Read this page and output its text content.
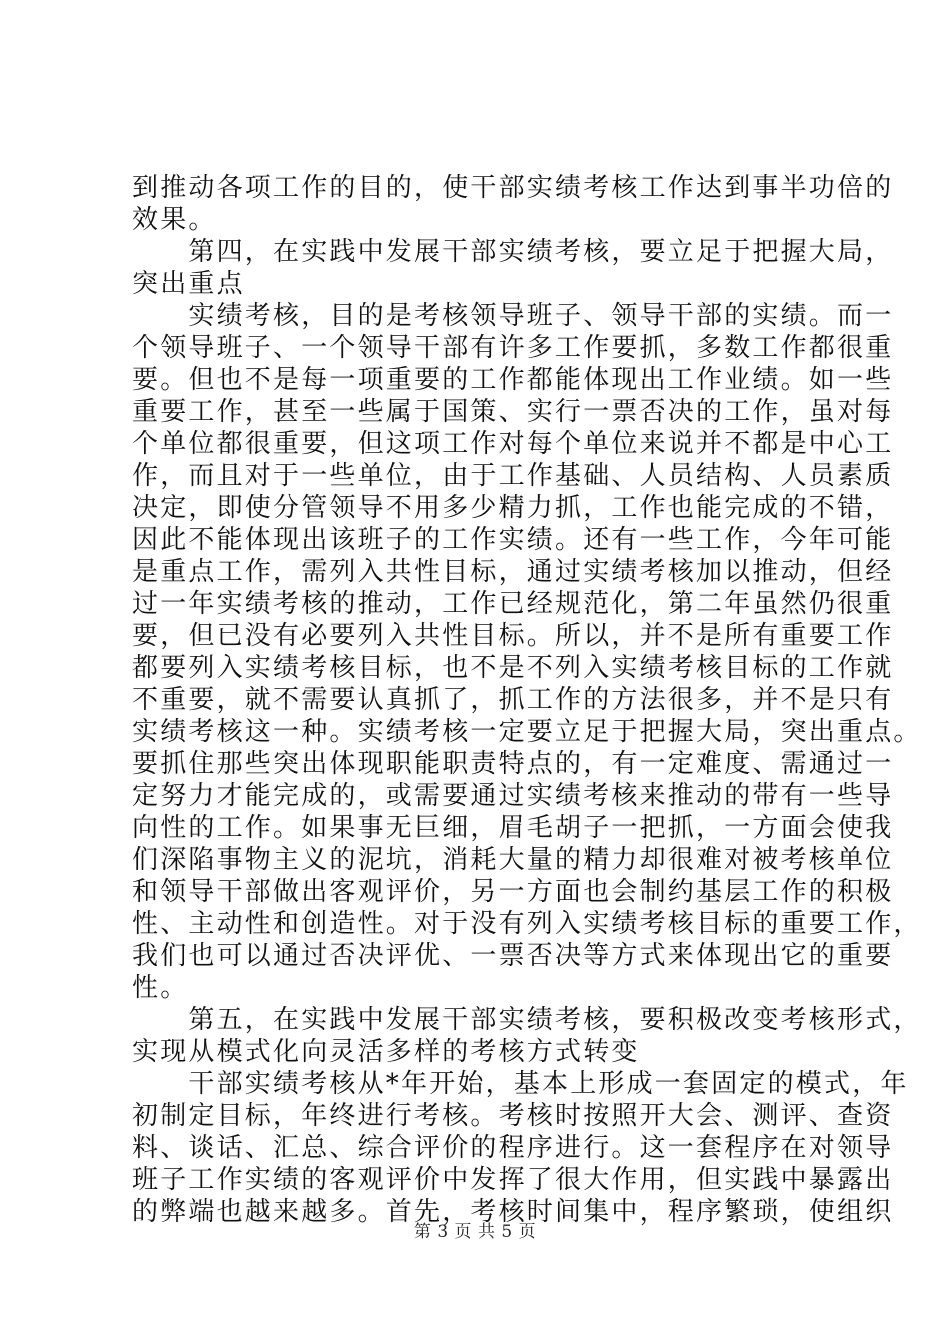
到推动各项工作的目的，使干部实绩考核工作达到事半功倍的
效果。
　　第四，在实践中发展干部实绩考核，要立足于把握大局，
突出重点
　　实绩考核，目的是考核领导班子、领导干部的实绩。而一
个领导班子、一个领导干部有许多工作要抓，多数工作都很重
要。但也不是每一项重要的工作都能体现出工作业绩。如一些
重要工作，甚至一些属于国策、实行一票否决的工作，虽对每
个单位都很重要，但这项工作对每个单位来说并不都是中心工
作，而且对于一些单位，由于工作基础、人员结构、人员素质
决定，即使分管领导不用多少精力抓，工作也能完成的不错，
因此不能体现出该班子的工作实绩。还有一些工作，今年可能
是重点工作，需列入共性目标，通过实绩考核加以推动，但经
过一年实绩考核的推动，工作已经规范化，第二年虽然仍很重
要，但已没有必要列入共性目标。所以，并不是所有重要工作
都要列入实绩考核目标，也不是不列入实绩考核目标的工作就
不重要，就不需要认真抓了，抓工作的方法很多，并不是只有
实绩考核这一种。实绩考核一定要立足于把握大局，突出重点。
要抓住那些突出体现职能职责特点的，有一定难度、需通过一
定努力才能完成的，或需要通过实绩考核来推动的带有一些导
向性的工作。如果事无巨细，眉毛胡子一把抓，一方面会使我
们深陷事物主义的泥坑，消耗大量的精力却很难对被考核单位
和领导干部做出客观评价，另一方面也会制约基层工作的积极
性、主动性和创造性。对于没有列入实绩考核目标的重要工作，
我们也可以通过否决评优、一票否决等方式来体现出它的重要
性。
　　第五，在实践中发展干部实绩考核，要积极改变考核形式，
实现从模式化向灵活多样的考核方式转变
　　干部实绩考核从*年开始，基本上形成一套固定的模式，年
初制定目标，年终进行考核。考核时按照开大会、测评、查资
料、谈话、汇总、综合评价的程序进行。这一套程序在对领导
班子工作实绩的客观评价中发挥了很大作用，但实践中暴露出
的弊端也越来越多。首先，考核时间集中，程序繁琐，使组织
第 3 页 共 5 页
